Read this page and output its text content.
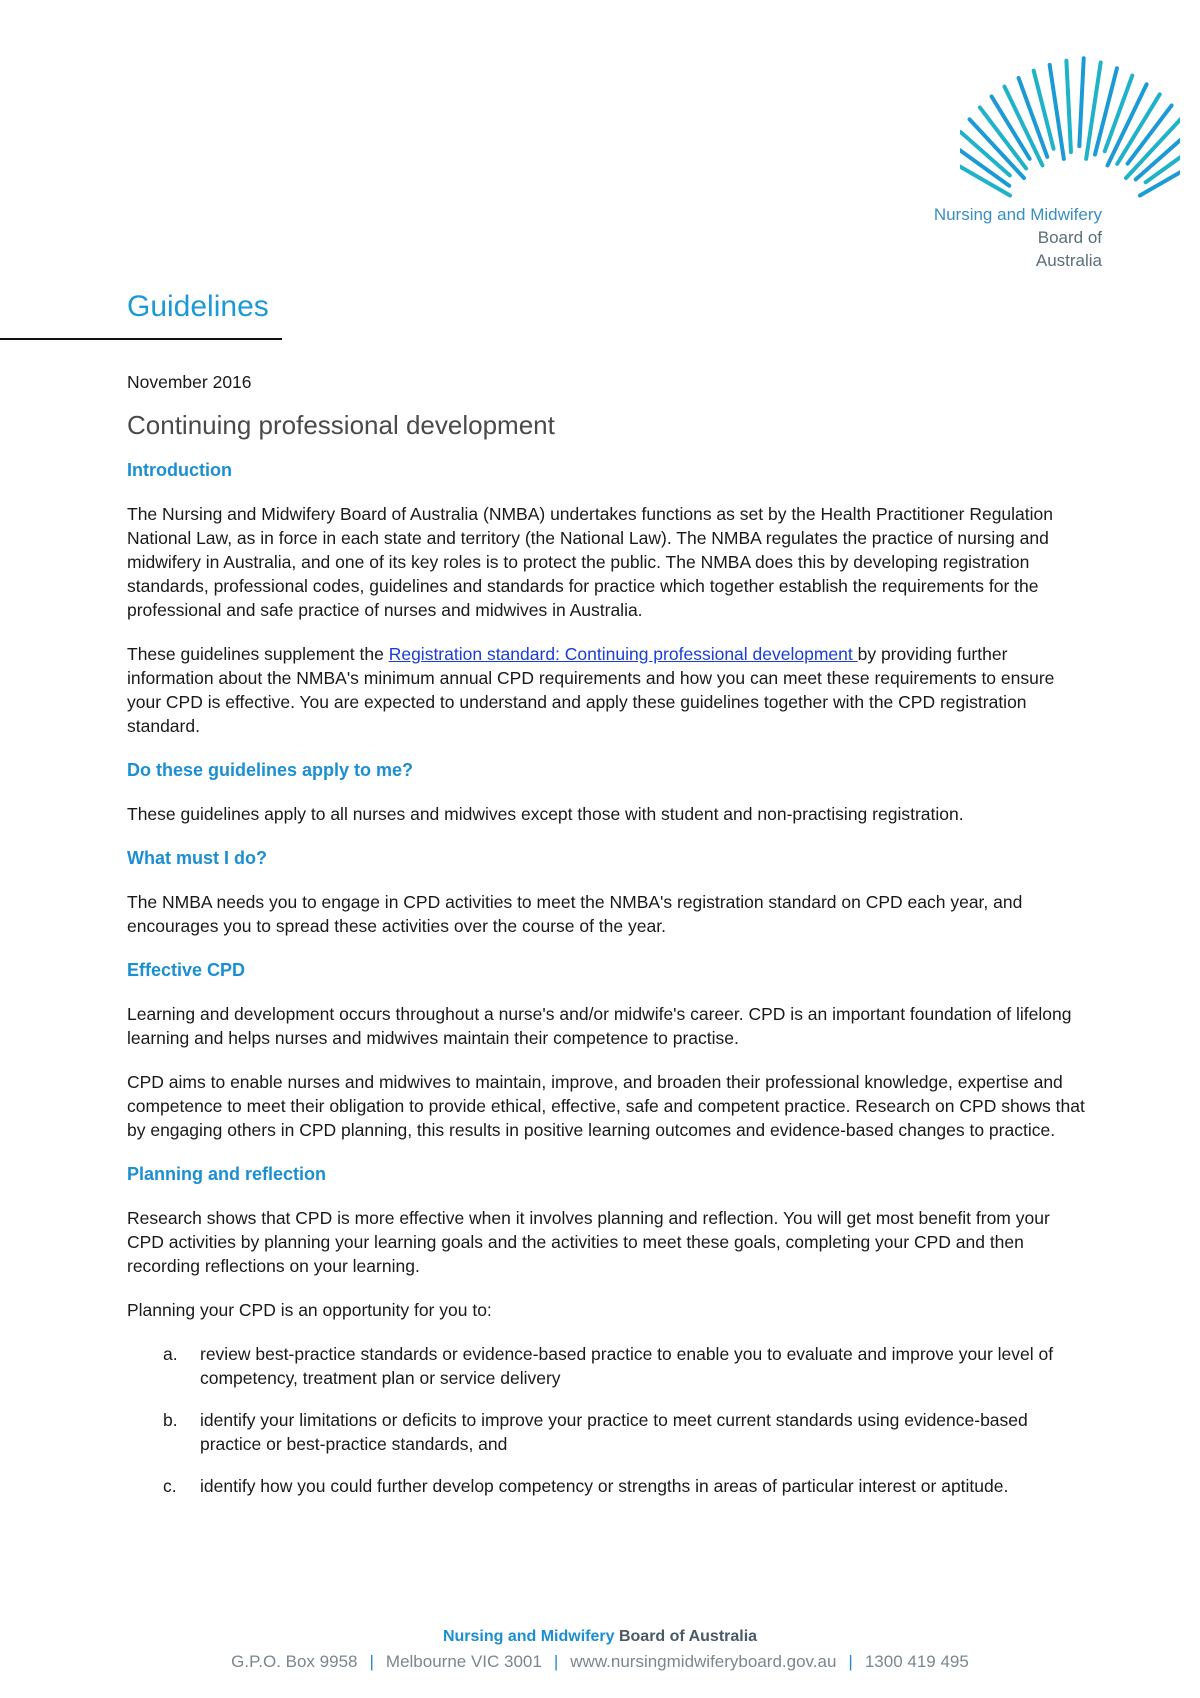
Nursing and Midwifery
Board of
Australia
Guidelines

November 2016

Continuing professional development
Introduction

The Nursing and Midwifery Board of Australia (NMBA) undertakes functions as set by the Health Practitioner Regulation National Law, as in force in each state and territory (the National Law). The NMBA regulates the practice of nursing and midwifery in Australia, and one of its key roles is to protect the public. The NMBA does this by developing registration standards, professional codes, guidelines and standards for practice which together establish the requirements for the professional and safe practice of nurses and midwives in Australia.

These guidelines supplement the Registration standard: Continuing professional development by providing further information about the NMBA's minimum annual CPD requirements and how you can meet these requirements to ensure your CPD is effective. You are expected to understand and apply these guidelines together with the CPD registration standard.

Do these guidelines apply to me?

These guidelines apply to all nurses and midwives except those with student and non-practising registration.

What must I do?

The NMBA needs you to engage in CPD activities to meet the NMBA's registration standard on CPD each year, and encourages you to spread these activities over the course of the year.

Effective CPD

Learning and development occurs throughout a nurse's and/or midwife's career. CPD is an important foundation of lifelong learning and helps nurses and midwives maintain their competence to practise.

CPD aims to enable nurses and midwives to maintain, improve, and broaden their professional knowledge, expertise and competence to meet their obligation to provide ethical, effective, safe and competent practice. Research on CPD shows that by engaging others in CPD planning, this results in positive learning outcomes and evidence-based changes to practice.

Planning and reflection

Research shows that CPD is more effective when it involves planning and reflection. You will get most benefit from your CPD activities by planning your learning goals and the activities to meet these goals, completing your CPD and then recording reflections on your learning.

Planning your CPD is an opportunity for you to:

a. review best-practice standards or evidence-based practice to enable you to evaluate and improve your level of competency, treatment plan or service delivery
b. identify your limitations or deficits to improve your practice to meet current standards using evidence-based practice or best-practice standards, and
c. identify how you could further develop competency or strengths in areas of particular interest or aptitude.
Nursing and Midwifery Board of Australia
G.P.O. Box 9958 | Melbourne VIC 3001 | www.nursingmidwiferyboard.gov.au | 1300 419 495
